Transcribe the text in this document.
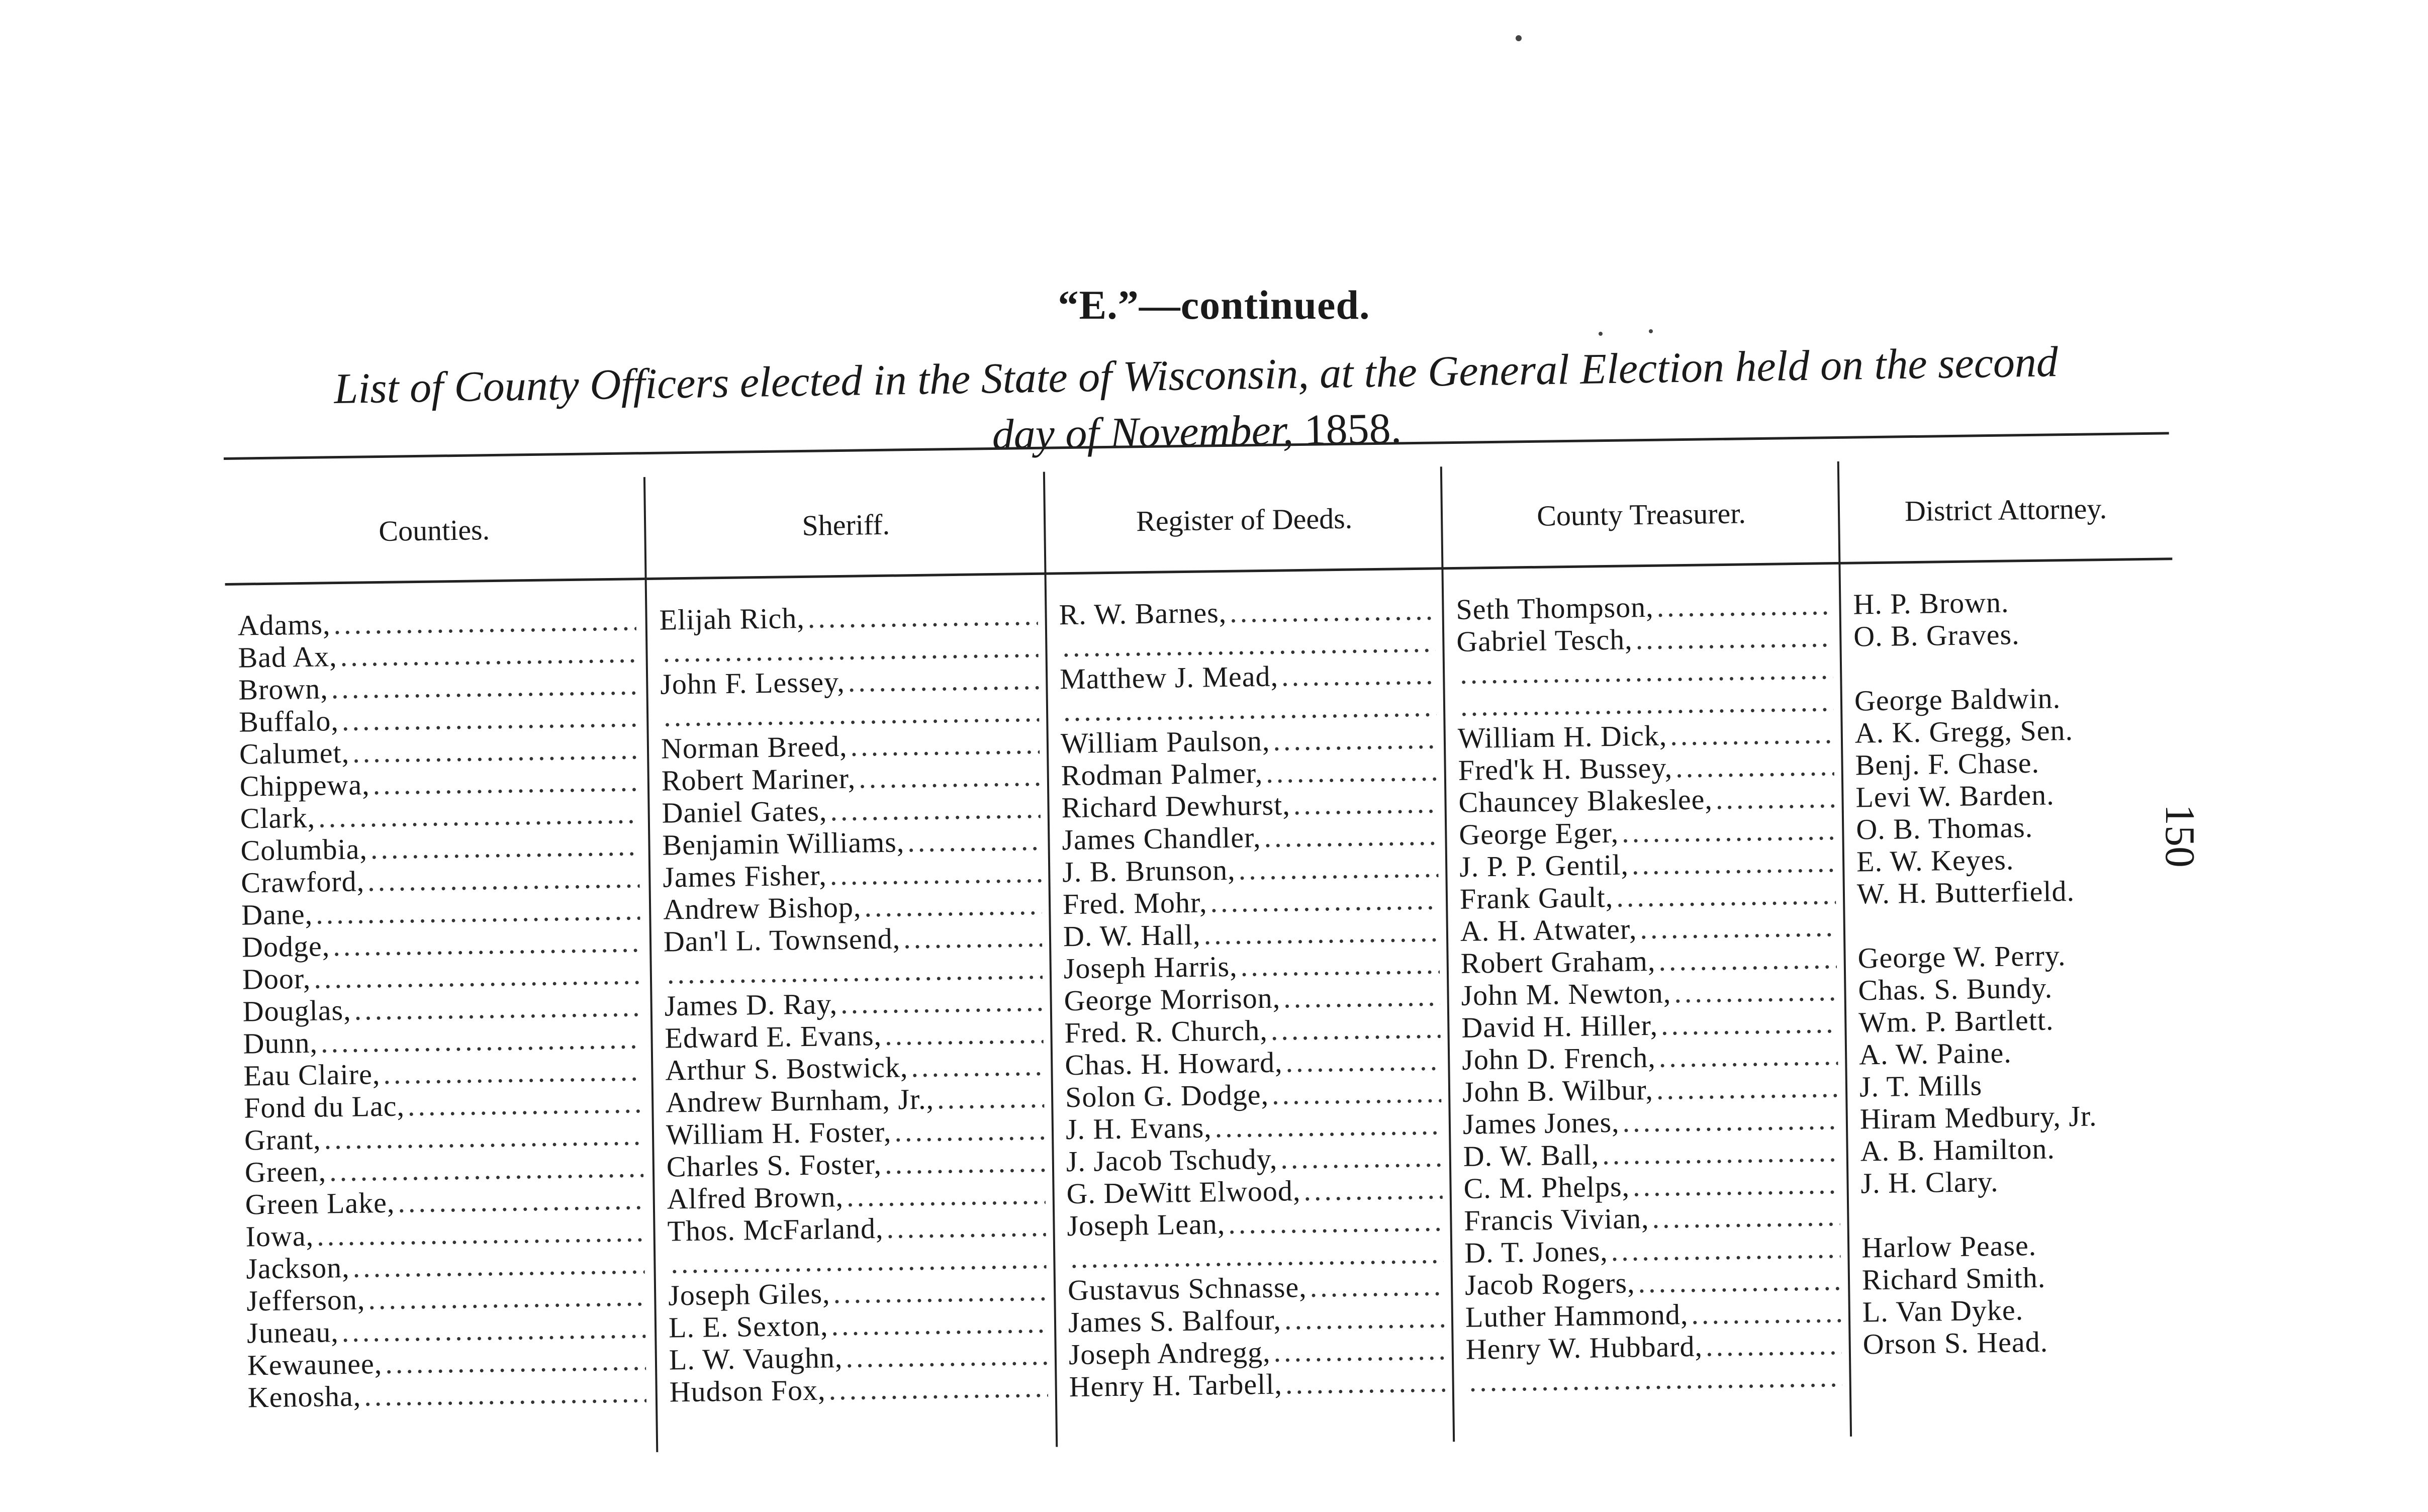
“E.”—continued.
List of County Officers elected in the State of Wisconsin, at the General Election held on the second
day of November, 1858.
Counties.
Adams,
.....
Bad Ax,
.....
Brown,
.....
Buffalo,
.....
Calumet,
.....
Chippewa,
.....
Clark,
.....
Columbia,
.....
Crawford,
.....
Dane,
.....
Dodge,
.....
Door,
.....
Douglas,
.....
Dunn,
.....
Eau Claire,
.....
Fond du Lac,
.....
Grant,
.....
Green,
.....
Green Lake,
.....
Iowa,
.....
Jackson,
.....
Jefferson,
.....
Juneau,
.....
Kewaunee,
.....
Kenosha,
.....
Sheriff.
Elijah Rich,
.....
.....
John F. Lessey,
.....
.....
Norman Breed,
.....
Robert Mariner,
.....
Daniel Gates,
.....
Benjamin Williams,
.....
James Fisher,
.....
Andrew Bishop,
.....
Dan'l L. Townsend,
.....
.....
James D. Ray,
.....
Edward E. Evans,
.....
Arthur S. Bostwick,
.....
Andrew Burnham, Jr.,
.....
William H. Foster,
.....
Charles S. Foster,
.....
Alfred Brown,
.....
Thos. McFarland,
.....
.....
Joseph Giles,
.....
L. E. Sexton,
.....
L. W. Vaughn,
.....
Hudson Fox,
.....
Register of Deeds.
R. W. Barnes,
.....
.....
Matthew J. Mead,
.....
.....
William Paulson,
.....
Rodman Palmer,
.....
Richard Dewhurst,
.....
James Chandler,
.....
J. B. Brunson,
.....
Fred. Mohr,
.....
D. W. Hall,
.....
Joseph Harris,
.....
George Morrison,
.....
Fred. R. Church,
.....
Chas. H. Howard,
.....
Solon G. Dodge,
.....
J. H. Evans,
.....
J. Jacob Tschudy,
.....
G. DeWitt Elwood,
.....
Joseph Lean,
.....
.....
Gustavus Schnasse,
.....
James S. Balfour,
.....
Joseph Andregg,
.....
Henry H. Tarbell,
.....
County Treasurer.
Seth Thompson,
.....
Gabriel Tesch,
.....
.....
.....
William H. Dick,
.....
Fred'k H. Bussey,
.....
Chauncey Blakeslee,
.....
George Eger,
.....
J. P. P. Gentil,
.....
Frank Gault,
.....
A. H. Atwater,
.....
Robert Graham,
.....
John M. Newton,
.....
David H. Hiller,
.....
John D. French,
.....
John B. Wilbur,
.....
James Jones,
.....
D. W. Ball,
.....
C. M. Phelps,
.....
Francis Vivian,
.....
D. T. Jones,
.....
Jacob Rogers,
.....
Luther Hammond,
.....
Henry W. Hubbard,
.....
.....
District Attorney.
H. P. Brown.
O. B. Graves.
George Baldwin.
A. K. Gregg, Sen.
Benj. F. Chase.
Levi W. Barden.
O. B. Thomas.
E. W. Keyes.
W. H. Butterfield.
George W. Perry.
Chas. S. Bundy.
Wm. P. Bartlett.
A. W. Paine.
J. T. Mills
Hiram Medbury, Jr.
A. B. Hamilton.
J. H. Clary.
Harlow Pease.
Richard Smith.
L. Van Dyke.
Orson S. Head.
150
